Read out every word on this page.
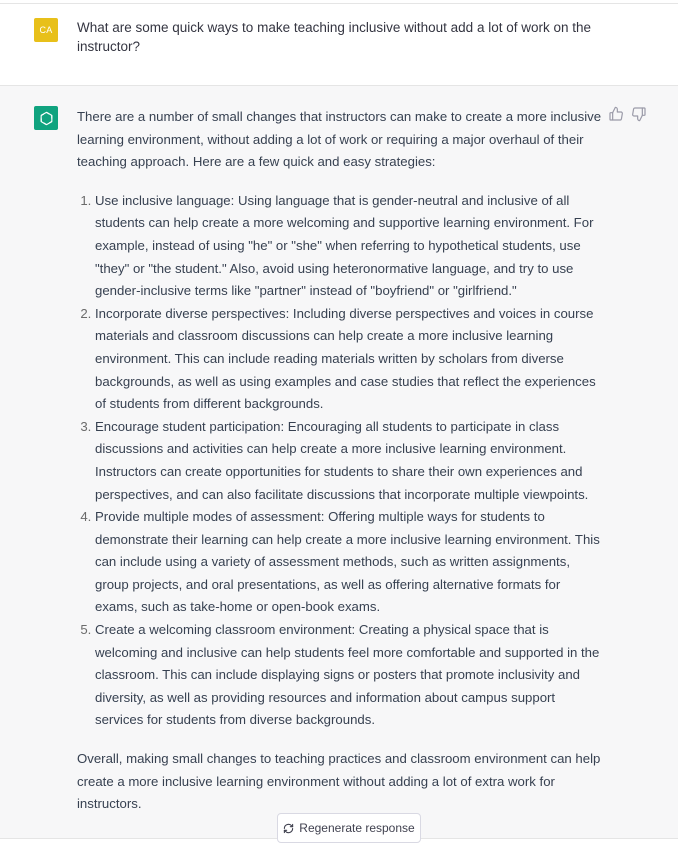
CA	What are some quick ways to make teaching inclusive without add a lot of work on the instructor?

There are a number of small changes that instructors can make to create a more inclusive learning environment, without adding a lot of work or requiring a major overhaul of their teaching approach. Here are a few quick and easy strategies:

1. Use inclusive language: Using language that is gender-neutral and inclusive of all students can help create a more welcoming and supportive learning environment. For example, instead of using "he" or "she" when referring to hypothetical students, use "they" or "the student." Also, avoid using heteronormative language, and try to use gender-inclusive terms like "partner" instead of "boyfriend" or "girlfriend."
2. Incorporate diverse perspectives: Including diverse perspectives and voices in course materials and classroom discussions can help create a more inclusive learning environment. This can include reading materials written by scholars from diverse backgrounds, as well as using examples and case studies that reflect the experiences of students from different backgrounds.
3. Encourage student participation: Encouraging all students to participate in class discussions and activities can help create a more inclusive learning environment. Instructors can create opportunities for students to share their own experiences and perspectives, and can also facilitate discussions that incorporate multiple viewpoints.
4. Provide multiple modes of assessment: Offering multiple ways for students to demonstrate their learning can help create a more inclusive learning environment. This can include using a variety of assessment methods, such as written assignments, group projects, and oral presentations, as well as offering alternative formats for exams, such as take-home or open-book exams.
5. Create a welcoming classroom environment: Creating a physical space that is welcoming and inclusive can help students feel more comfortable and supported in the classroom. This can include displaying signs or posters that promote inclusivity and diversity, as well as providing resources and information about campus support services for students from diverse backgrounds.

Overall, making small changes to teaching practices and classroom environment can help create a more inclusive learning environment without adding a lot of extra work for instructors.

Regenerate response
